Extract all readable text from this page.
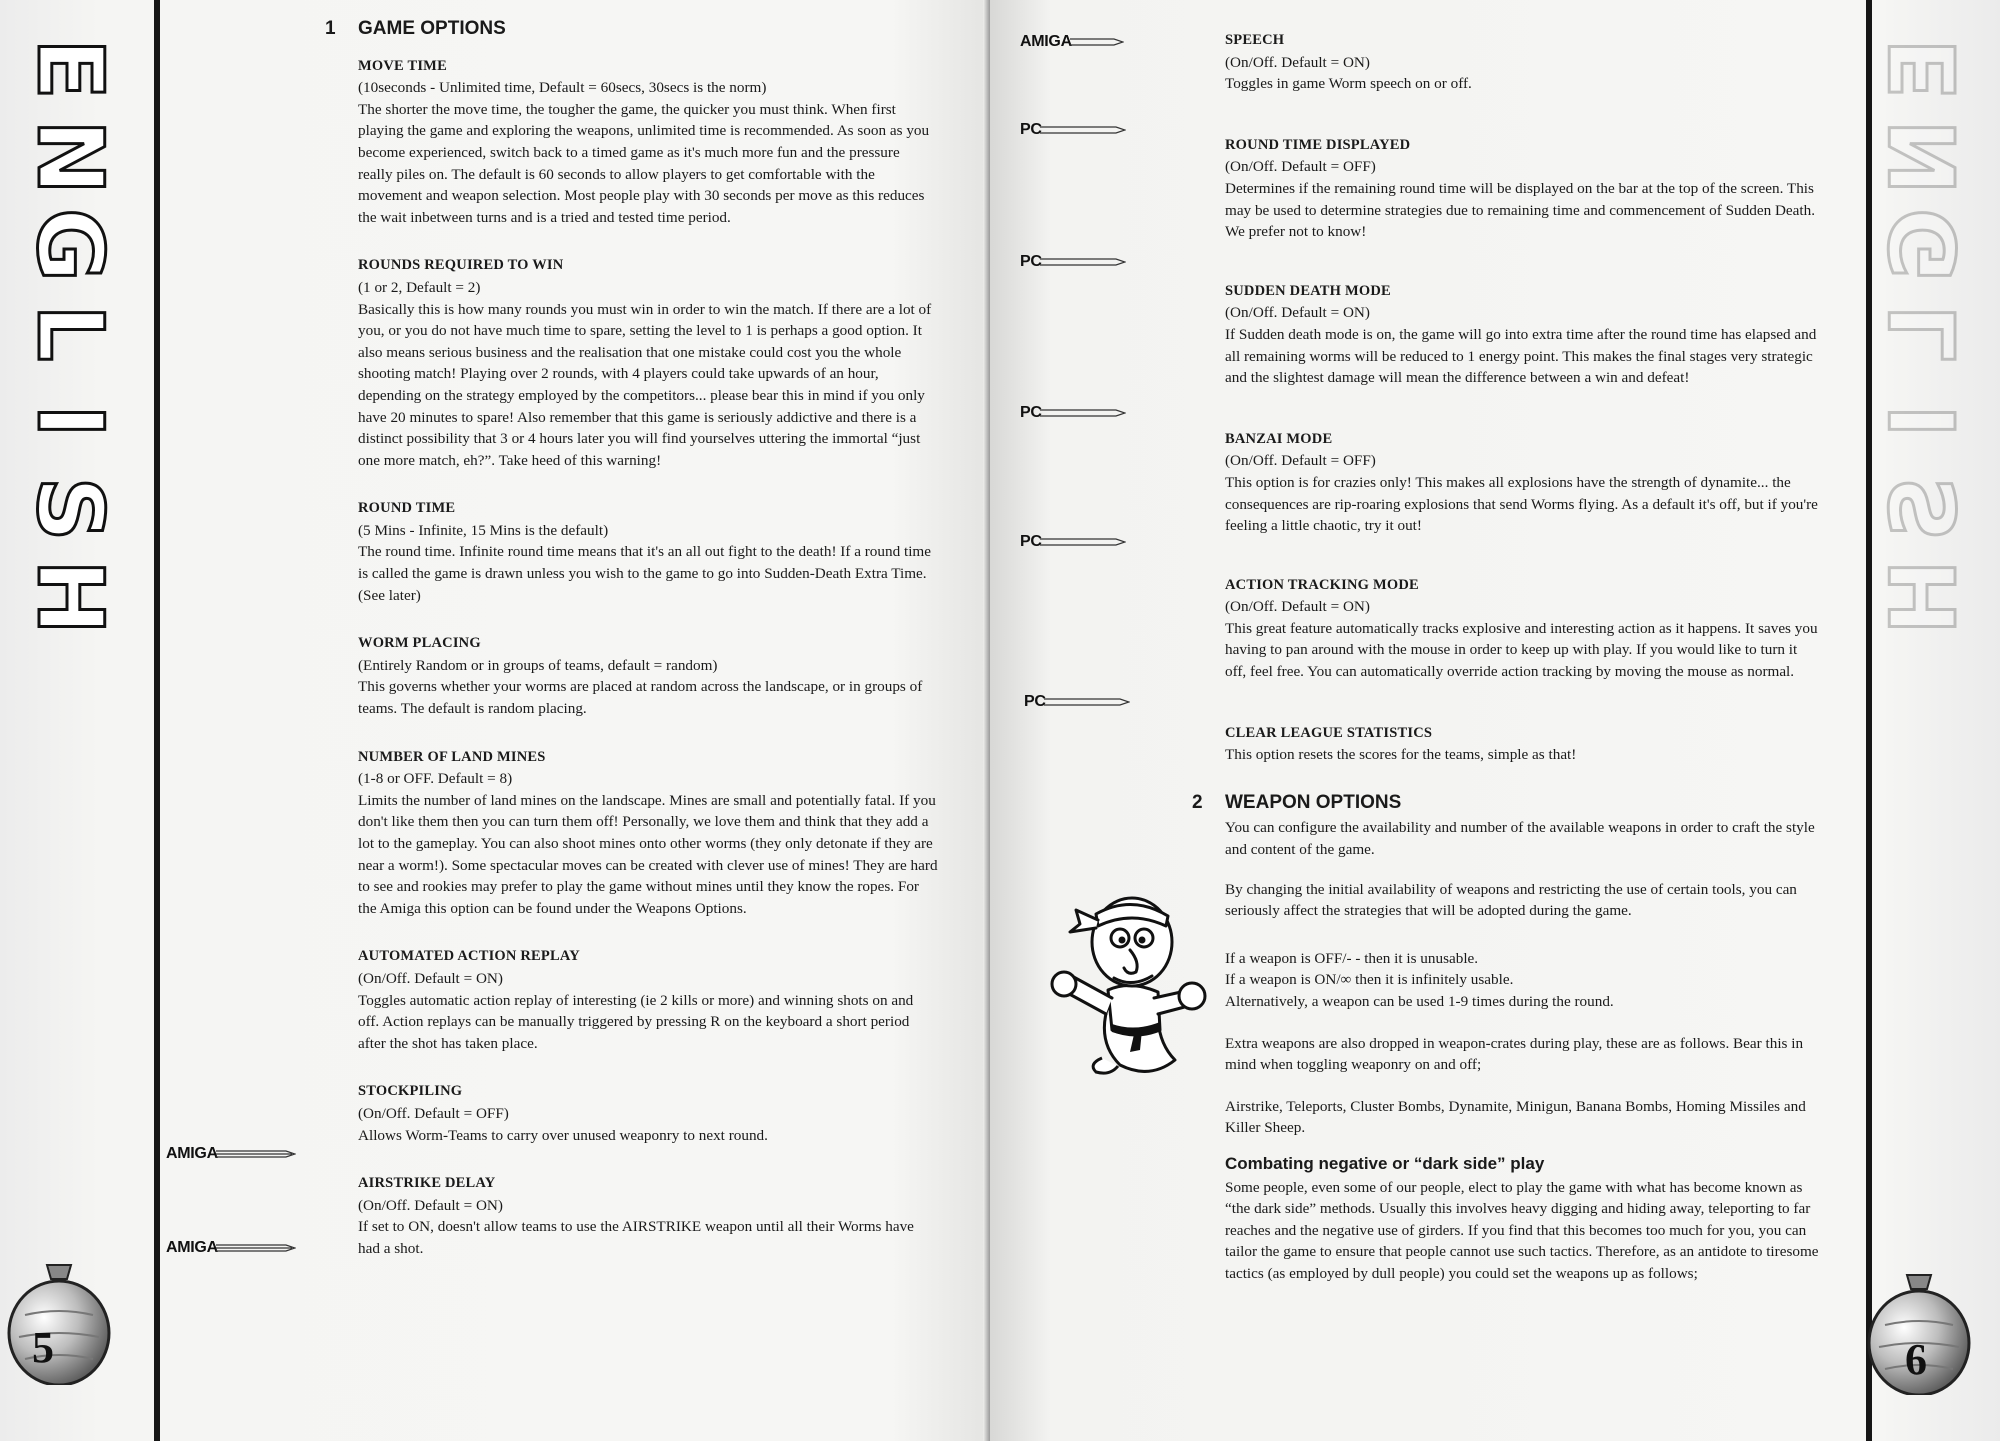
E
N
G
L
I
S
H
5
1 GAME OPTIONS
MOVE TIME

(10seconds - Unlimited time, Default = 60secs, 30secs is the norm)

The shorter the move time, the tougher the game, the quicker you must think. When first playing the game and exploring the weapons, unlimited time is recommended. As soon as you become experienced, switch back to a timed game as it's much more fun and the pressure really piles on. The default is 60 seconds to allow players to get comfortable with the movement and weapon selection. Most people play with 30 seconds per move as this reduces the wait inbetween turns and is a tried and tested time period.

ROUNDS REQUIRED TO WIN

(1 or 2, Default = 2)

Basically this is how many rounds you must win in order to win the match. If there are a lot of you, or you do not have much time to spare, setting the level to 1 is perhaps a good option. It also means serious business and the realisation that one mistake could cost you the whole shooting match! Playing over 2 rounds, with 4 players could take upwards of an hour, depending on the strategy employed by the competitors... please bear this in mind if you only have 20 minutes to spare! Also remember that this game is seriously addictive and there is a distinct possibility that 3 or 4 hours later you will find yourselves uttering the immortal “just one more match, eh?”. Take heed of this warning!

ROUND TIME

(5 Mins - Infinite, 15 Mins is the default)

The round time. Infinite round time means that it's an all out fight to the death! If a round time is called the game is drawn unless you wish to the game to go into Sudden-Death Extra Time. (See later)

WORM PLACING

(Entirely Random or in groups of teams, default = random)

This governs whether your worms are placed at random across the landscape, or in groups of teams. The default is random placing.

NUMBER OF LAND MINES

(1-8 or OFF. Default = 8)

Limits the number of land mines on the landscape. Mines are small and potentially fatal. If you don't like them then you can turn them off! Personally, we love them and think that they add a lot to the gameplay. You can also shoot mines onto other worms (they only detonate if they are near a worm!). Some spectacular moves can be created with clever use of mines! They are hard to see and rookies may prefer to play the game without mines until they know the ropes. For the Amiga this option can be found under the Weapons Options.

AUTOMATED ACTION REPLAY

(On/Off. Default = ON)

Toggles automatic action replay of interesting (ie 2 kills or more) and winning shots on and off. Action replays can be manually triggered by pressing R on the keyboard a short period after the shot has taken place.

STOCKPILING

(On/Off. Default = OFF)

Allows Worm-Teams to carry over unused weaponry to next round.

AIRSTRIKE DELAY

(On/Off. Default = ON)

If set to ON, doesn't allow teams to use the AIRSTRIKE weapon until all their Worms have had a shot.

AMIGA
AMIGA
E
N
G
L
I
S
H
6
SPEECH

(On/Off. Default = ON)

Toggles in game Worm speech on or off.

ROUND TIME DISPLAYED

(On/Off. Default = OFF)

Determines if the remaining round time will be displayed on the bar at the top of the screen. This may be used to determine strategies due to remaining time and commencement of Sudden Death. We prefer not to know!

SUDDEN DEATH MODE

(On/Off. Default = ON)

If Sudden death mode is on, the game will go into extra time after the round time has elapsed and all remaining worms will be reduced to 1 energy point. This makes the final stages very strategic and the slightest damage will mean the difference between a win and defeat!

BANZAI MODE

(On/Off. Default = OFF)

This option is for crazies only! This makes all explosions have the strength of dynamite... the consequences are rip-roaring explosions that send Worms flying. As a default it's off, but if you're feeling a little chaotic, try it out!

ACTION TRACKING MODE

(On/Off. Default = ON)

This great feature automatically tracks explosive and interesting action as it happens. It saves you having to pan around with the mouse in order to keep up with play. If you would like to turn it off, feel free. You can automatically override action tracking by moving the mouse as normal.

CLEAR LEAGUE STATISTICS

This option resets the scores for the teams, simple as that!

2 WEAPON OPTIONS

You can configure the availability and number of the available weapons in order to craft the style and content of the game.

By changing the initial availability of weapons and restricting the use of certain tools, you can seriously affect the strategies that will be adopted during the game.

If a weapon is OFF/- - then it is unusable.

If a weapon is ON/∞ then it is infinitely usable.

Alternatively, a weapon can be used 1-9 times during the round.

Extra weapons are also dropped in weapon-crates during play, these are as follows. Bear this in mind when toggling weaponry on and off;

Airstrike, Teleports, Cluster Bombs, Dynamite, Minigun, Banana Bombs, Homing Missiles and Killer Sheep.

Combating negative or “dark side” play

Some people, even some of our people, elect to play the game with what has become known as “the dark side” methods. Usually this involves heavy digging and hiding away, teleporting to far reaches and the negative use of girders. If you find that this becomes too much for you, you can tailor the game to ensure that people cannot use such tactics. Therefore, as an antidote to tiresome tactics (as employed by dull people) you could set the weapons up as follows;

AMIGA
PC
PC
PC
PC
PC
